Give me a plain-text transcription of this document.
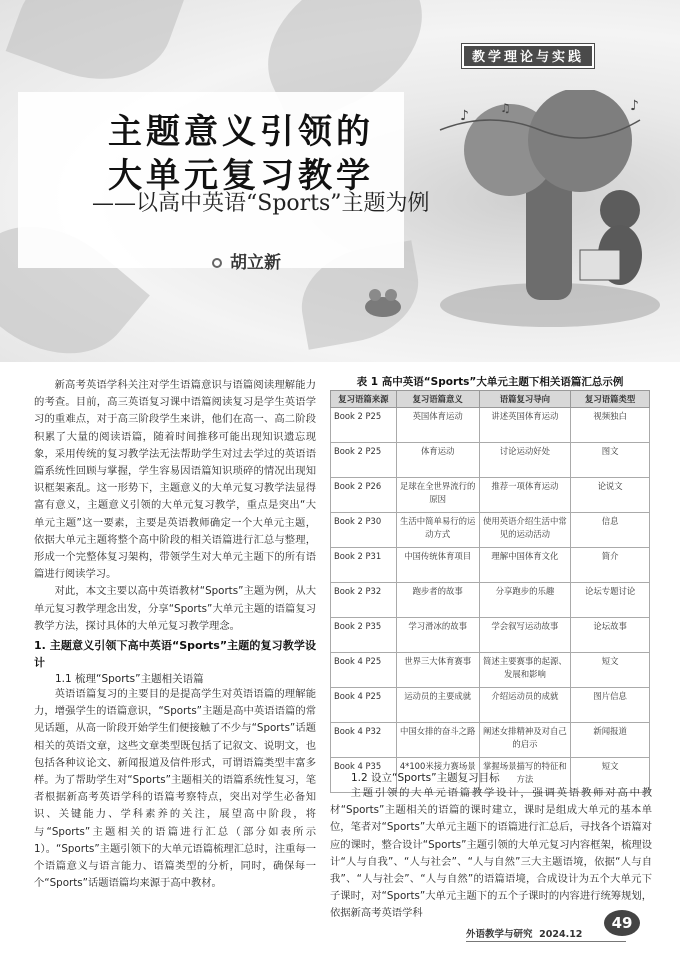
教学理论与实践
♪	♫	♪
主题意义引领的
大单元复习教学
——以高中英语“Sports”主题为例
胡立新

新高考英语学科关注对学生语篇意识与语篇阅读理解能力的考查。目前，高三英语复习课中语篇阅读复习是学生英语学习的重难点，对于高三阶段学生来讲，他们在高一、高二阶段积累了大量的阅读语篇，随着时间推移可能出现知识遗忘现象，采用传统的复习教学法无法帮助学生对过去学过的英语语篇系统性回顾与掌握，学生容易因语篇知识琐碎的情况出现知识框架紊乱。这一形势下，主题意义的大单元复习教学法显得富有意义，主题意义引领的大单元复习教学，重点是突出“大单元主题”这一要素，主要是英语教师确定一个大单元主题，依据大单元主题将整个高中阶段的相关语篇进行汇总与整理，形成一个完整体复习架构，带领学生对大单元主题下的所有语篇进行阅读学习。

对此，本文主要以高中英语教材“Sports”主题为例，从大单元复习教学理念出发，分享“Sports”大单元主题的语篇复习教学方法，探讨具体的大单元复习教学理念。

1. 主题意义引领下高中英语“Sports”主题的复习教学设计
1.1 梳理“Sports”主题相关语篇

英语语篇复习的主要目的是提高学生对英语语篇的理解能力，增强学生的语篇意识，“Sports”主题是高中英语语篇的常见话题，从高一阶段开始学生们便接触了不少与“Sports”话题相关的英语文章，这些文章类型既包括了记叙文、说明文，也包括各种议论文、新闻报道及信件形式，可谓语篇类型丰富多样。为了帮助学生对“Sports”主题相关的语篇系统性复习，笔者根据新高考英语学科的语篇考察特点，突出对学生必备知识、关键能力、学科素养的关注，展望高中阶段，将与“Sports”主题相关的语篇进行汇总（部分如表所示1）。“Sports”主题引领下的大单元语篇梳理汇总时，注重每一个语篇意义与语言能力、语篇类型的分析，同时，确保每一个“Sports”话题语篇均来源于高中教材。

表 1 高中英语“Sports”大单元主题下相关语篇汇总示例
复习语篇来源	复习语篇意义	语篇复习导向	复习语篇类型
Book 2 P25	英国体育运动	讲述英国体育运动	视频独白
Book 2 P25	体育运动	讨论运动好处	图文
Book 2 P26	足球在全世界流行的原因	推荐一项体育运动	论说文
Book 2 P30	生活中简单易行的运动方式	使用英语介绍生活中常见的运动活动	信息
Book 2 P31	中国传统体育项目	理解中国体育文化	简介
Book 2 P32	跑步者的故事	分享跑步的乐趣	论坛专题讨论
Book 2 P35	学习滑冰的故事	学会叙写运动故事	论坛故事
Book 4 P25	世界三大体育赛事	简述主要赛事的起源、发展和影响	短文
Book 4 P25	运动员的主要成就	介绍运动员的成就	图片信息
Book 4 P32	中国女排的奋斗之路	阐述女排精神及对自己的启示	新闻报道
Book 4 P35	4*100米接力赛场景	掌握场景描写的特征和方法	短文
1.2 设立“Sports”主题复习目标

主题引领的大单元语篇教学设计，强调英语教师对高中教材“Sports”主题相关的语篇的课时建立，课时是组成大单元的基本单位，笔者对“Sports”大单元主题下的语篇进行汇总后，寻找各个语篇对应的课时，整合设计“Sports”主题引领的大单元复习内容框架，梳理设计“人与自我”、“人与社会”、“人与自然”三大主题语境，依据“人与自我”、“人与社会”、“人与自然”的语篇语境，合成设计为五个大单元下子课时，对“Sports”大单元主题下的五个子课时的内容进行统筹规划，依据新高考英语学科

外语教学与研究 2024.12
49
